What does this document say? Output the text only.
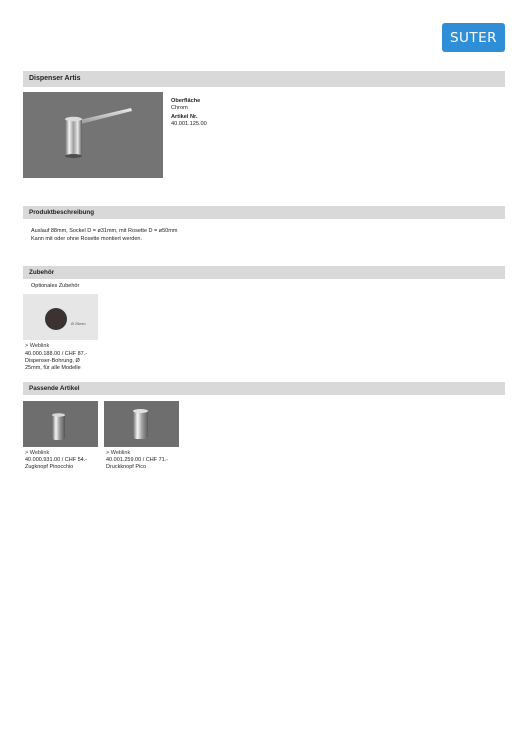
SUTER
Dispenser Artis
Oberfläche
Chrom
Artikel Nr.
40.001.125.00
Produktbeschreibung
Auslauf 88mm, Sockel D = ø31mm, mit Rosette D = ø50mm
Kann mit oder ohne Rosette montiert werden.
Zubehör
Optionales Zubehör
Ø 25mm
> Weblink
40.000.188.00 / CHF 87.-
Dispenser-Bohrung, Ø
25mm, für alle Modelle
Passende Artikel
> Weblink
40.000.931.00 / CHF 54.-
Zugknopf Pinocchio
> Weblink
40.001.259.00 / CHF 71.-
Druckknopf Pico
